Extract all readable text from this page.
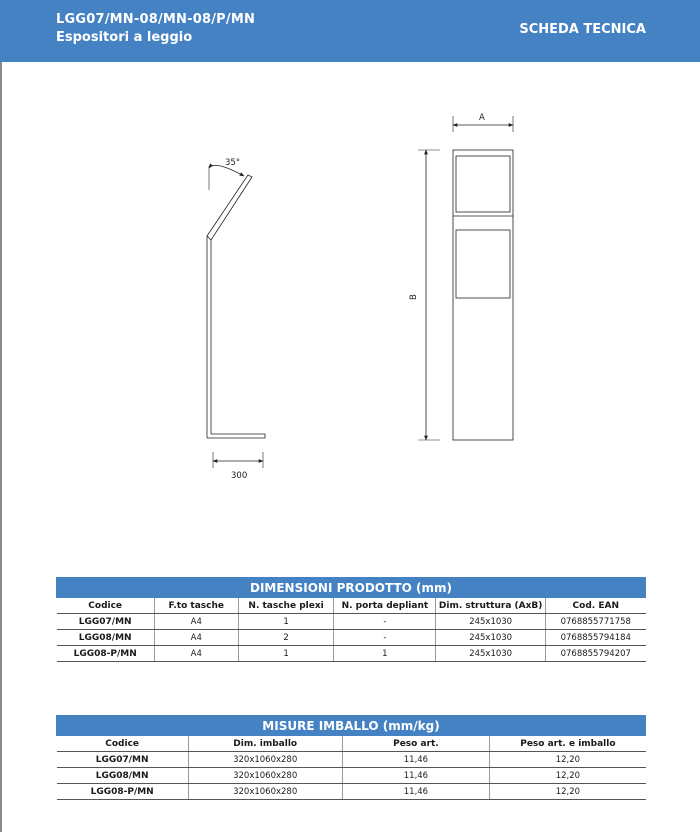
LGG07/MN-08/MN-08/P/MN
Espositori a leggio
SCHEDA TECNICA
35°
300
A
B
DIMENSIONI PRODOTTO (mm)					
Codice	F.to tasche	N. tasche plexi	N. porta depliant	Dim. struttura (AxB)	Cod. EAN
LGG07/MN	A4	1	-	245x1030	0768855771758
LGG08/MN	A4	2	-	245x1030	0768855794184
LGG08-P/MN	A4	1	1	245x1030	0768855794207
MISURE IMBALLO (mm/kg)			
Codice	Dim. imballo	Peso art.	Peso art. e imballo
LGG07/MN	320x1060x280	11,46	12,20
LGG08/MN	320x1060x280	11,46	12,20
LGG08-P/MN	320x1060x280	11,46	12,20
